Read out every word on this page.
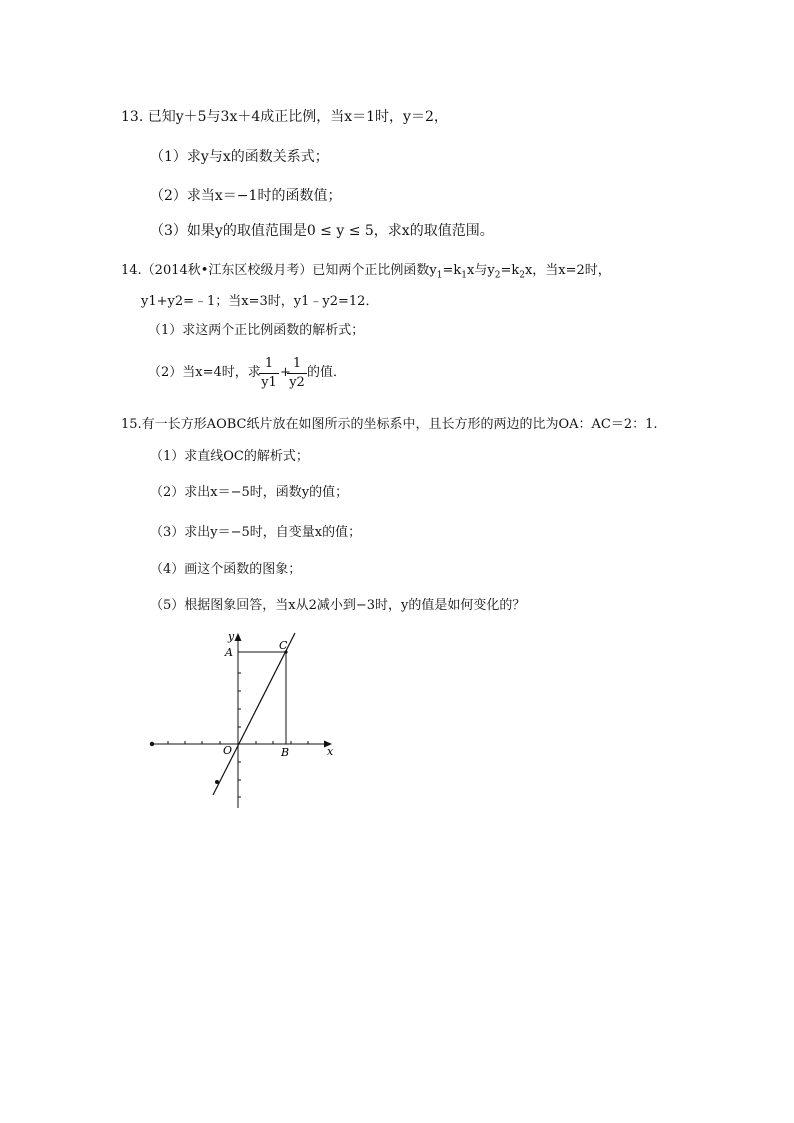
13. 已知y＋5与3x＋4成正比例，当x＝1时，y＝2，
（1）求y与x的函数关系式；
（2）求当x＝−1时的函数值；
（3）如果y的取值范围是0 ≤ y ≤ 5，求x的取值范围。
14.（2014秋•江东区校级月考）已知两个正比例函数$y_1=k_1x$与$y_2=k_2x$，当x=2时，
y1+y2=﹣1；当x=3时，y1﹣y2=12．
（1）求这两个正比例函数的解析式；
（2）当x=4时，求
1
y1
+
1
y2
的值．
15.有一长方形AOBC纸片放在如图所示的坐标系中，且长方形的两边的比为OA：AC＝2：1.
（1）求直线OC的解析式；
（2）求出x＝−5时，函数y的值；
（3）求出y＝−5时，自变量x的值；
（4）画这个函数的图象；
（5）根据图象回答，当x从2减小到−3时，y的值是如何变化的？
y
x
O
A
B
C
